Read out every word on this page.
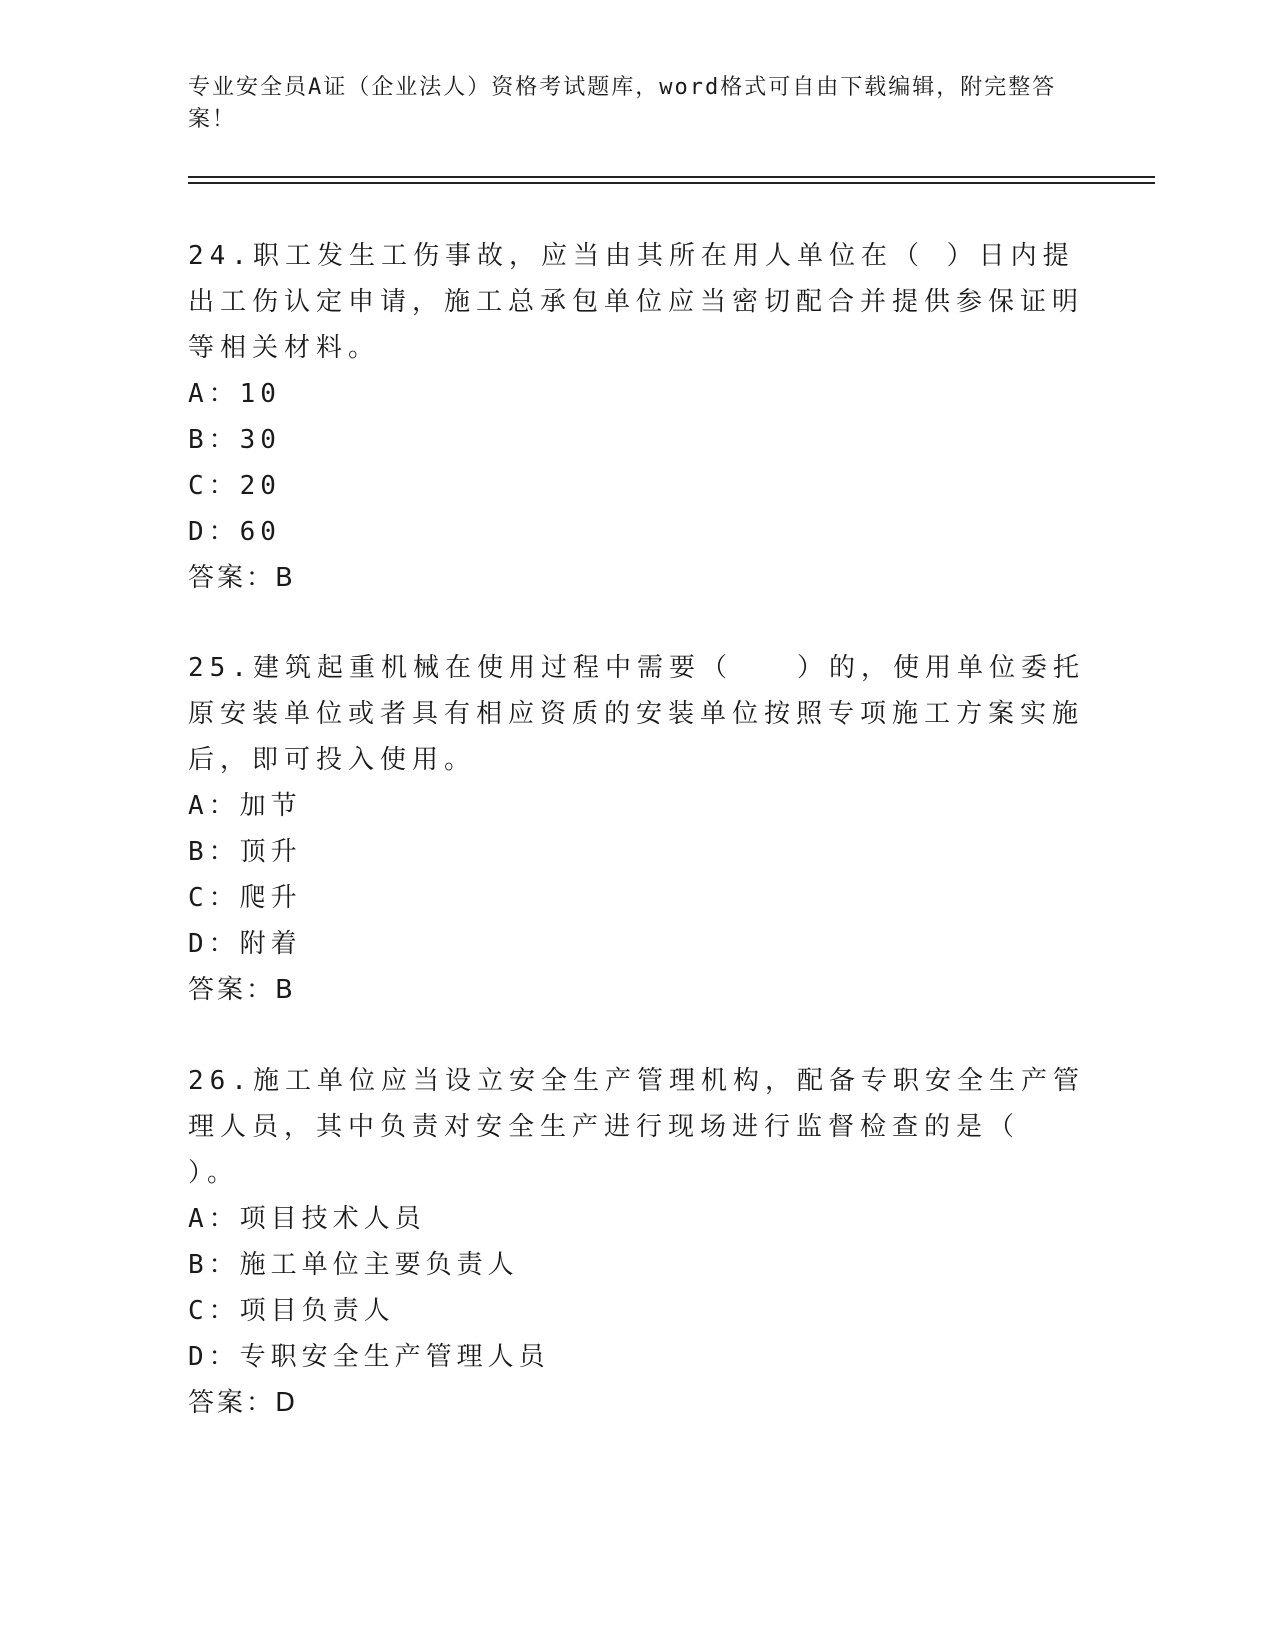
专业安全员A证（企业法人）资格考试题库，word格式可自由下载编辑，附完整答案！

24.职工发生工伤事故，应当由其所在用人单位在（ ）日内提出工伤认定申请，施工总承包单位应当密切配合并提供参保证明等相关材料。

A：10

B：30

C：20

D：60

答案：B

25.建筑起重机械在使用过程中需要（　　）的，使用单位委托原安装单位或者具有相应资质的安装单位按照专项施工方案实施后，即可投入使用。

A：加节

B：顶升

C：爬升

D：附着

答案：B

26.施工单位应当设立安全生产管理机构，配备专职安全生产管理人员，其中负责对安全生产进行现场进行监督检查的是（ ）。

A：项目技术人员

B：施工单位主要负责人

C：项目负责人

D：专职安全生产管理人员

答案：D
